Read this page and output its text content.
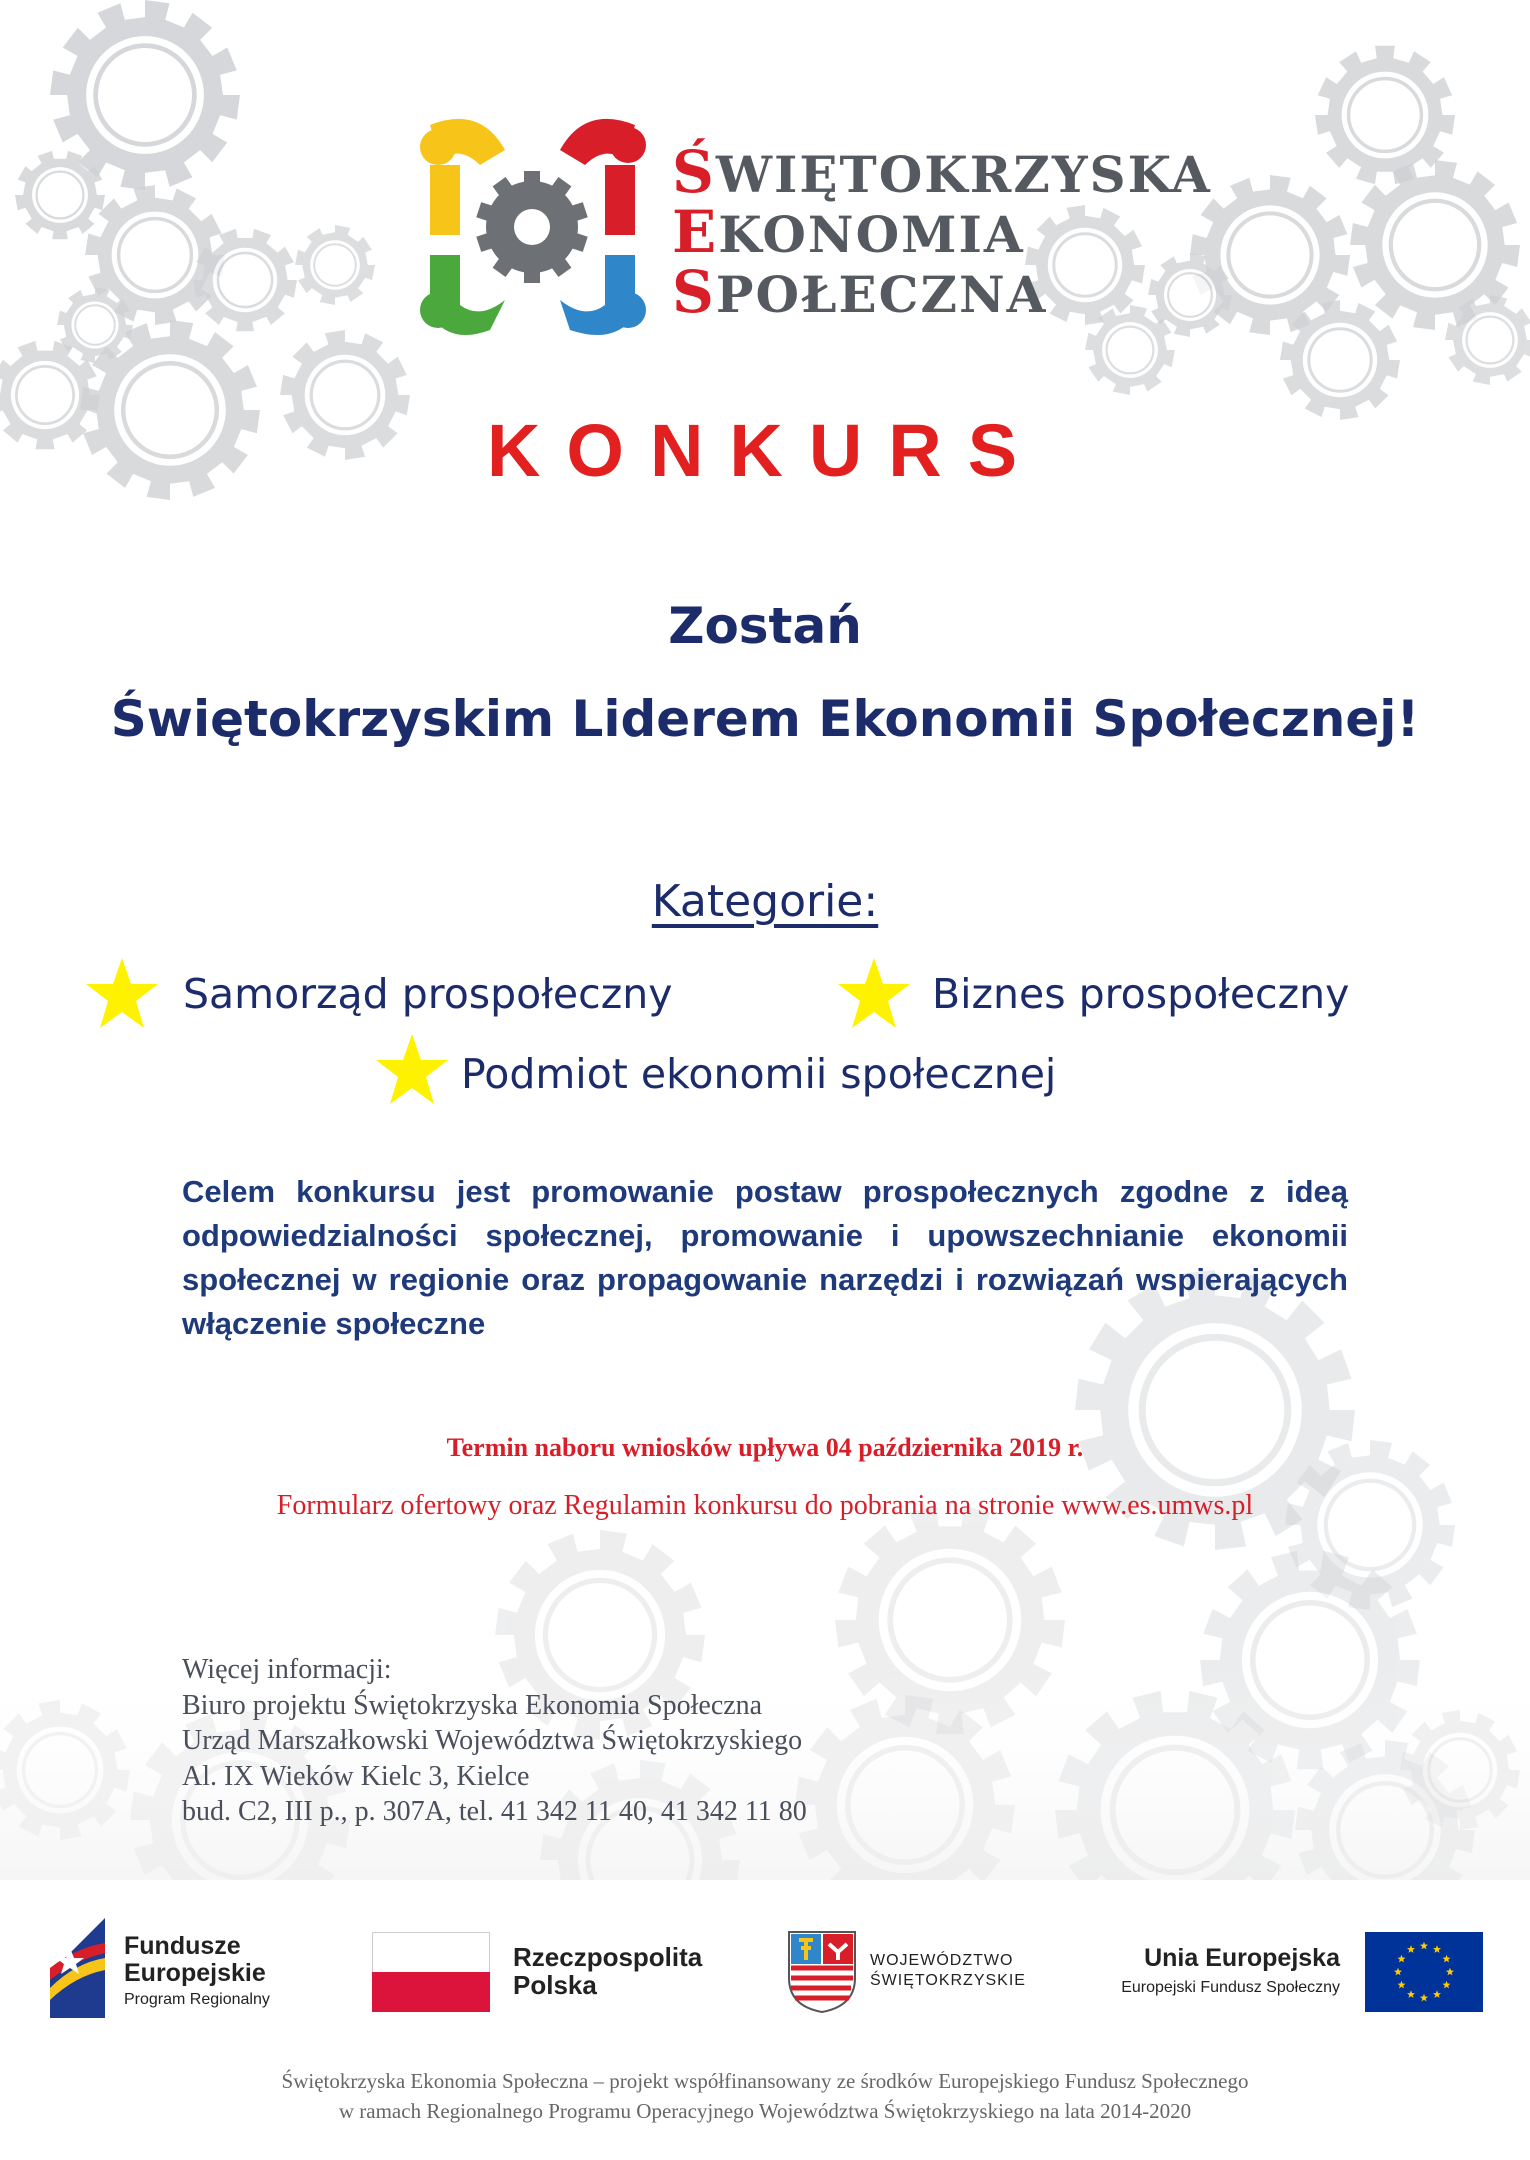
ŚWIĘTOKRZYSKA
EKONOMIA
SPOŁECZNA
KONKURS
Zostań
Świętokrzyskim Liderem Ekonomii Społecznej!
Kategorie:
Samorząd prospołeczny	Biznes prospołeczny
Podmiot ekonomii społecznej
Celem konkursu jest promowanie postaw prospołecznych zgodne z ideą odpowiedzialności społecznej, promowanie i upowszechnianie ekonomii społecznej w regionie oraz propagowanie narzędzi i rozwiązań wspierających włączenie społeczne
Termin naboru wniosków upływa 04 października 2019 r.
Formularz ofertowy oraz Regulamin konkursu do pobrania na stronie www.es.umws.pl
Więcej informacji:
Biuro projektu Świętokrzyska Ekonomia Społeczna
Urząd Marszałkowski Województwa Świętokrzyskiego
Al. IX Wieków Kielc 3, Kielce
bud. C2, III p., p. 307A, tel. 41 342 11 40, 41 342 11 80
Fundusze
Europejskie
Program Regionalny
Rzeczpospolita
Polska
WOJEWÓDZTWO
ŚWIĘTOKRZYSKIE
Unia Europejska
Europejski Fundusz Społeczny
Świętokrzyska Ekonomia Społeczna – projekt współfinansowany ze środków Europejskiego Fundusz Społecznego
w ramach Regionalnego Programu Operacyjnego Województwa Świętokrzyskiego na lata 2014-2020
